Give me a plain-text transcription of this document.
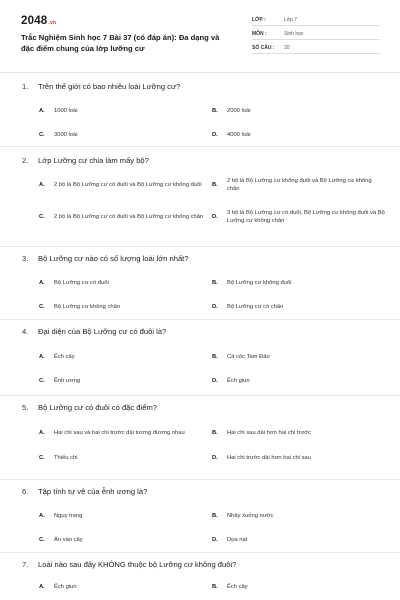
2048.vn
Trắc Nghiệm Sinh học 7 Bài 37 (có đáp án): Đa dạng và đặc điểm chung của lớp lưỡng cư
LỚP :	Lớp 7
MÔN :	Sinh học
SỐ CÂU :	20
1.	Trên thế giới có bao nhiêu loài Lưỡng cư?
A.	1000 loài	B.	2000 loài
C.	3000 loài	D.	4000 loài
2.	Lớp Lưỡng cư chia làm mấy bộ?
A.	2 bộ là Bộ Lưỡng cư có đuôi và Bộ Lưỡng cư không đuôi	B.
2 bộ là Bộ Lưỡng cư không đuôi và Bộ Lưỡng cư không chân
C.	2 bộ là Bộ Lưỡng cư có đuôi và Bộ Lưỡng cư không chân	D.
3 bộ là Bộ Lưỡng cư có đuôi, Bộ Lưỡng cư không đuôi và Bộ Lưỡng cư không chân
3.	Bộ Lưỡng cư nào có số lượng loài lớn nhất?
A.	Bộ Lưỡng cư có đuôi	B.	Bộ Lưỡng cư không đuôi
C.	Bộ Lưỡng cư không chân	D.	Bộ Lưỡng cư có chân
4.	Đại diện của Bộ Lưỡng cư có đuôi là?
A.	Ếch cây	B.	Cá cóc Tam Đảo
C.	Ễnh ương	D.	Ếch giun
5.	Bộ Lưỡng cư có đuôi có đặc điểm?
A.	Hai chi sau và hai chi trước dài tương đương nhau	B.	Hai chi sau dài hơn hai chi trước
C.	Thiếu chi	D.	Hai chi trước dài hơn hai chi sau
6.	Tập tính tự vệ của ễnh ương là?
A.	Ngụy trang	B.	Nhảy xuống nước
C.	Ẩn vào cây	D.	Dọa nạt
7.	Loài nào sau đây KHÔNG thuộc bộ Lưỡng cư không đuôi?
A.	Ếch giun	B.	Ếch cây
